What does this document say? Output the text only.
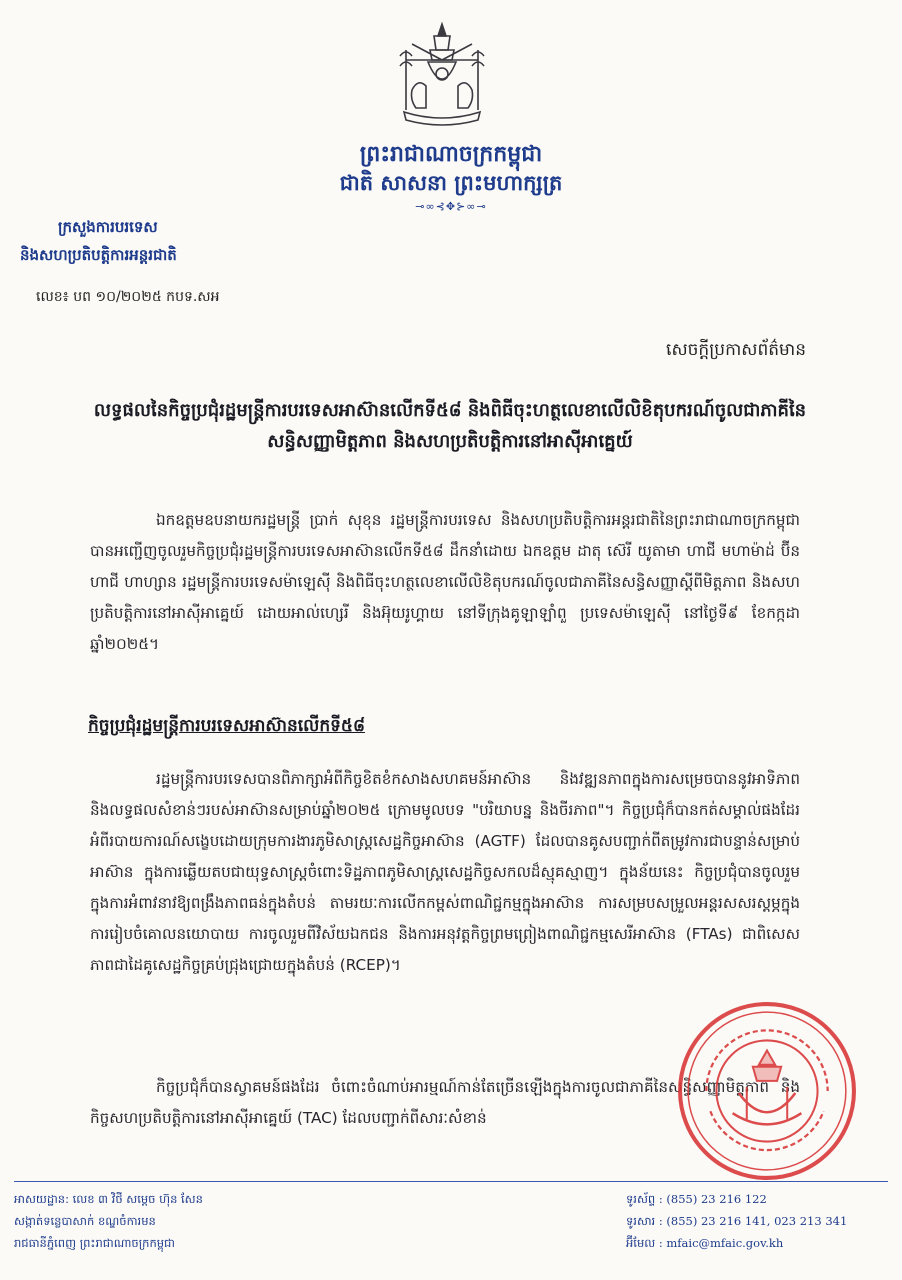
ព្រះរាជាណាចក្រកម្ពុជា
ជាតិ សាសនា ព្រះមហាក្សត្រ
⊸∞⊰✥⊱∞⊸
ក្រសួងការបរទេស
និងសហប្រតិបត្តិការអន្តរជាតិ
លេខ៖ បព ១០/២០២៥ កបទ.សអ
សេចក្តីប្រកាសព័ត៌មាន
លទ្ធផលនៃកិច្ចប្រជុំរដ្ឋមន្ត្រីការបរទេសអាស៊ានលើកទី៥៨ និងពិធីចុះហត្ថលេខាលើលិខិតុបករណ៍ចូលជាភាគីនៃសន្ធិសញ្ញាមិត្តភាព និងសហប្រតិបត្តិការនៅអាស៊ីអាគ្នេយ៍
ឯកឧត្តមឧបនាយករដ្ឋមន្ត្រី ប្រាក់ សុខុន រដ្ឋមន្ត្រីការបរទេស និងសហប្រតិបត្តិការអន្តរជាតិនៃព្រះរាជាណាចក្រកម្ពុជា បានអញ្ជើញចូលរួមកិច្ចប្រជុំរដ្ឋមន្ត្រីការបរទេសអាស៊ានលើកទី៥៨ ដឹកនាំដោយ ឯកឧត្តម ដាតុ ស៊េរី យូតាមា ហាជី មហាម៉ាដ់ ប៊ីន ហាជី ហាហ្សាន រដ្ឋមន្ត្រីការបរទេសម៉ាឡេស៊ី និងពិធីចុះហត្ថលេខាលើលិខិតុបករណ៍ចូលជាភាគីនៃសន្ធិសញ្ញាស្តីពីមិត្តភាព និងសហប្រតិបត្តិការនៅអាស៊ីអាគ្នេយ៍ ដោយអាល់ហ្សេរី និងអ៊ុយរូហ្គាយ នៅទីក្រុងគូឡាឡាំពួ ប្រទេសម៉ាឡេស៊ី នៅថ្ងៃទី៩ ខែកក្កដា ឆ្នាំ២០២៥។
កិច្ចប្រជុំរដ្ឋមន្ត្រីការបរទេសអាស៊ានលើកទី៥៨
រដ្ឋមន្ត្រីការបរទេសបានពិភាក្សាអំពីកិច្ចខិតខំកសាងសហគមន៍អាស៊ាន និងវឌ្ឍនភាពក្នុងការសម្រេចបាននូវអាទិភាព និងលទ្ធផលសំខាន់ៗរបស់អាស៊ានសម្រាប់ឆ្នាំ២០២៥ ក្រោមមូលបទ "បរិយាបន្ន និងចីរភាព"។ កិច្ចប្រជុំក៏បានកត់សម្គាល់ផងដែរ អំពីរបាយការណ៍សង្ខេបដោយក្រុមការងារភូមិសាស្ត្រសេដ្ឋកិច្ចអាស៊ាន (AGTF) ដែលបានគូសបញ្ជាក់ពីតម្រូវការជាបន្ទាន់សម្រាប់អាស៊ាន ក្នុងការឆ្លើយតបជាយុទ្ធសាស្ត្រចំពោះទិដ្ឋភាពភូមិសាស្ត្រសេដ្ឋកិច្ចសកលដ៏ស្មុគស្មាញ។ ក្នុងន័យនេះ កិច្ចប្រជុំបានចូលរួមក្នុងការអំពាវនាវឱ្យពង្រឹងភាពធន់ក្នុងតំបន់ តាមរយៈការលើកកម្ពស់ពាណិជ្ជកម្មក្នុងអាស៊ាន ការសម្របសម្រួលអន្តរសសរស្តម្ភក្នុងការរៀបចំគោលនយោបាយ ការចូលរួមពីវិស័យឯកជន និងការអនុវត្តកិច្ចព្រមព្រៀងពាណិជ្ជកម្មសេរីអាស៊ាន (FTAs) ជាពិសេសភាពជាដៃគូសេដ្ឋកិច្ចគ្រប់ជ្រុងជ្រោយក្នុងតំបន់ (RCEP)។
កិច្ចប្រជុំក៏បានស្វាគមន៍ផងដែរ ចំពោះចំណាប់អារម្មណ៍កាន់តែច្រើនឡើងក្នុងការចូលជាភាគីនៃសន្ធិសញ្ញាមិត្តភាព និងកិច្ចសហប្រតិបត្តិការនៅអាស៊ីអាគ្នេយ៍ (TAC) ដែលបញ្ជាក់ពីសារៈសំខាន់
អាសយដ្ឋាន: លេខ ៣ វិថី សម្តេច ហ៊ុន សែន
សង្កាត់ទន្លេបាសាក់ ខណ្ឌចំការមន
រាជធានីភ្នំពេញ ព្រះរាជាណាចក្រកម្ពុជា
ទូរស័ព្ទ : (855) 23 216 122
ទូរសារ : (855) 23 216 141, 023 213 341
អ៊ីមែល : mfaic@mfaic.gov.kh
